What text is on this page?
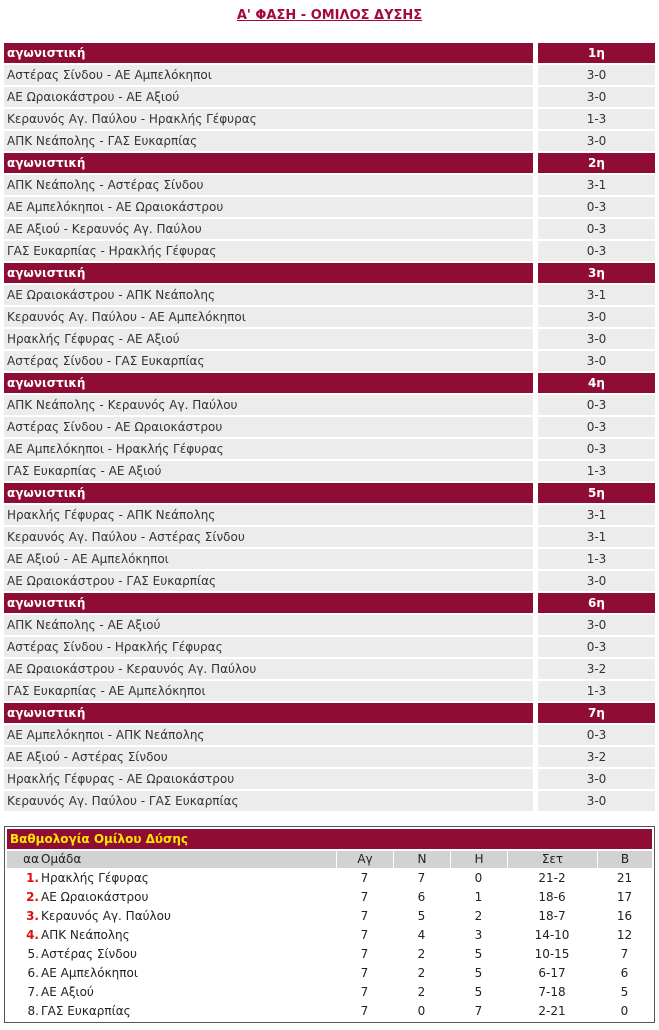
Α' ΦΑΣΗ - ΟΜΙΛΟΣ ΔΥΣΗΣ
αγωνιστική	1η
Αστέρας Σίνδου - ΑΕ Αμπελόκηποι	3-0
ΑΕ Ωραιοκάστρου - ΑΕ Αξιού	3-0
Κεραυνός Αγ. Παύλου - Ηρακλής Γέφυρας	1-3
ΑΠΚ Νεάπολης - ΓΑΣ Ευκαρπίας	3-0
αγωνιστική	2η
ΑΠΚ Νεάπολης - Αστέρας Σίνδου	3-1
ΑΕ Αμπελόκηποι - ΑΕ Ωραιοκάστρου	0-3
ΑΕ Αξιού - Κεραυνός Αγ. Παύλου	0-3
ΓΑΣ Ευκαρπίας - Ηρακλής Γέφυρας	0-3
αγωνιστική	3η
ΑΕ Ωραιοκάστρου - ΑΠΚ Νεάπολης	3-1
Κεραυνός Αγ. Παύλου - ΑΕ Αμπελόκηποι	3-0
Ηρακλής Γέφυρας - ΑΕ Αξιού	3-0
Αστέρας Σίνδου - ΓΑΣ Ευκαρπίας	3-0
αγωνιστική	4η
ΑΠΚ Νεάπολης - Κεραυνός Αγ. Παύλου	0-3
Αστέρας Σίνδου - ΑΕ Ωραιοκάστρου	0-3
ΑΕ Αμπελόκηποι - Ηρακλής Γέφυρας	0-3
ΓΑΣ Ευκαρπίας - ΑΕ Αξιού	1-3
αγωνιστική	5η
Ηρακλής Γέφυρας - ΑΠΚ Νεάπολης	3-1
Κεραυνός Αγ. Παύλου - Αστέρας Σίνδου	3-1
ΑΕ Αξιού - ΑΕ Αμπελόκηποι	1-3
ΑΕ Ωραιοκάστρου - ΓΑΣ Ευκαρπίας	3-0
αγωνιστική	6η
ΑΠΚ Νεάπολης - ΑΕ Αξιού	3-0
Αστέρας Σίνδου - Ηρακλής Γέφυρας	0-3
ΑΕ Ωραιοκάστρου - Κεραυνός Αγ. Παύλου	3-2
ΓΑΣ Ευκαρπίας - ΑΕ Αμπελόκηποι	1-3
αγωνιστική	7η
ΑΕ Αμπελόκηποι - ΑΠΚ Νεάπολης	0-3
ΑΕ Αξιού - Αστέρας Σίνδου	3-2
Ηρακλής Γέφυρας - ΑΕ Ωραιοκάστρου	3-0
Κεραυνός Αγ. Παύλου - ΓΑΣ Ευκαρπίας	3-0
Βαθμολογία Ομίλου Δύσης
αα Ομάδα	Αγ	Ν	Η	Σετ	Β
1. Ηρακλής Γέφυρας	7	7	0	21-2	21
2. ΑΕ Ωραιοκάστρου	7	6	1	18-6	17
3. Κεραυνός Αγ. Παύλου	7	5	2	18-7	16
4. ΑΠΚ Νεάπολης	7	4	3	14-10	12
5. Αστέρας Σίνδου	7	2	5	10-15	7
6. ΑΕ Αμπελόκηποι	7	2	5	6-17	6
7. ΑΕ Αξιού	7	2	5	7-18	5
8. ΓΑΣ Ευκαρπίας	7	0	7	2-21	0
